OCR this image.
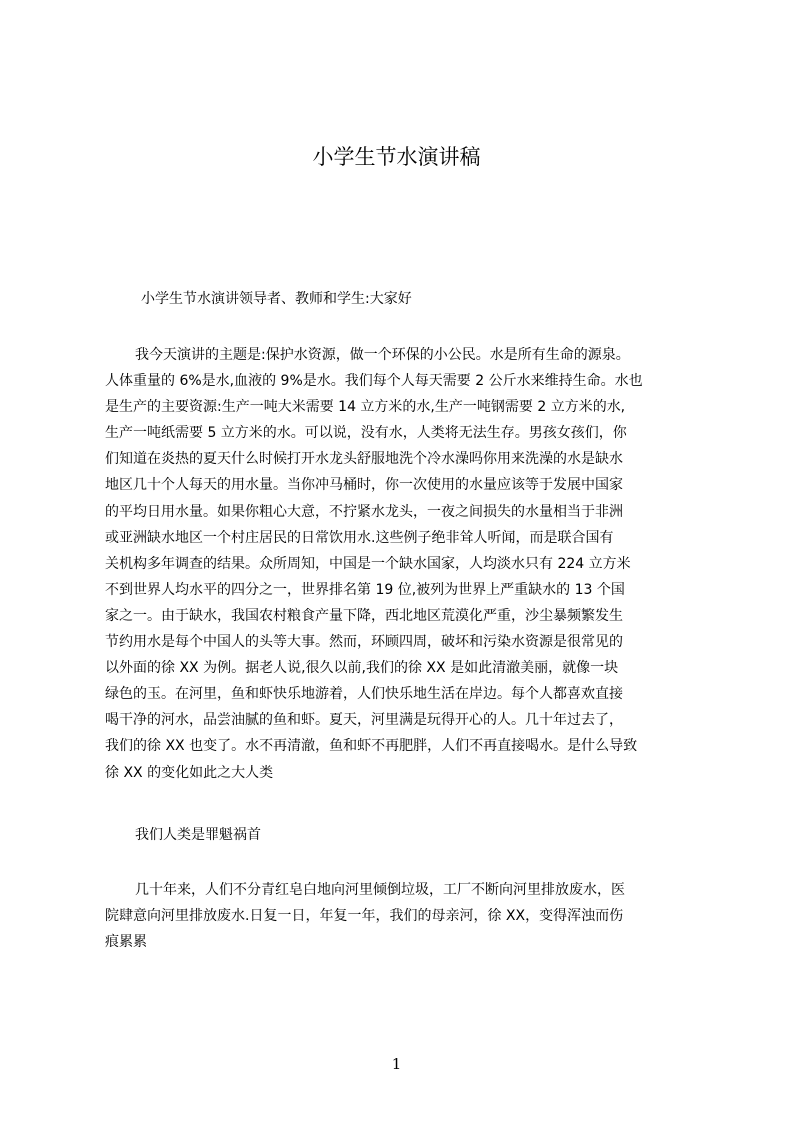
小学生节水演讲稿
小学生节水演讲领导者、教师和学生:大家好
我今天演讲的主题是:保护水资源，做一个环保的小公民。水是所有生命的源泉。
人体重量的 6%是水,血液的 9%是水。我们每个人每天需要 2 公斤水来维持生命。水也
是生产的主要资源:生产一吨大米需要 14 立方米的水,生产一吨钢需要 2 立方米的水,
生产一吨纸需要 5 立方米的水。可以说，没有水，人类将无法生存。男孩女孩们，你
们知道在炎热的夏天什么时候打开水龙头舒服地洗个冷水澡吗你用来洗澡的水是缺水
地区几十个人每天的用水量。当你冲马桶时，你一次使用的水量应该等于发展中国家
的平均日用水量。如果你粗心大意，不拧紧水龙头，一夜之间损失的水量相当于非洲
或亚洲缺水地区一个村庄居民的日常饮用水.这些例子绝非耸人听闻，而是联合国有
关机构多年调查的结果。众所周知，中国是一个缺水国家，人均淡水只有 224 立方米
不到世界人均水平的四分之一，世界排名第 19 位,被列为世界上严重缺水的 13 个国
家之一。由于缺水，我国农村粮食产量下降，西北地区荒漠化严重，沙尘暴频繁发生
节约用水是每个中国人的头等大事。然而，环顾四周，破坏和污染水资源是很常见的
以外面的徐 XX 为例。据老人说,很久以前,我们的徐 XX 是如此清澈美丽，就像一块
绿色的玉。在河里，鱼和虾快乐地游着，人们快乐地生活在岸边。每个人都喜欢直接
喝干净的河水，品尝油腻的鱼和虾。夏天，河里满是玩得开心的人。几十年过去了，
我们的徐 XX 也变了。水不再清澈，鱼和虾不再肥胖，人们不再直接喝水。是什么导致
徐 XX 的变化如此之大人类
我们人类是罪魁祸首
几十年来，人们不分青红皂白地向河里倾倒垃圾，工厂不断向河里排放废水，医
院肆意向河里排放废水.日复一日，年复一年，我们的母亲河，徐 XX，变得浑浊而伤
痕累累
1
